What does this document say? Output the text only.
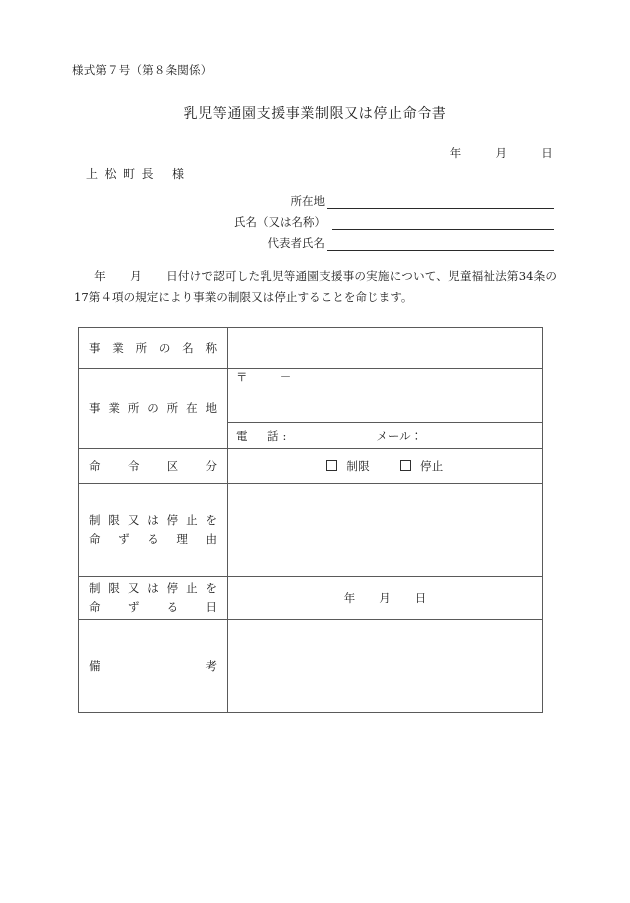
様式第７号（第８条関係）
乳児等通園支援事業制限又は停止命令書
年	月	日
上松町長 様
所在地
氏名（又は名称）
代表者氏名
年 月 日付けで認可した乳児等通園支援事の実施について、児童福祉法第34条の17第４項の規定により事業の制限又は停止することを命じます。
事業所の名称	
事業所の所在地	〒 －
	電　話: メール：
命令区分	制限 停止

制限又は停止を
命ずる理由	

制限又は停止を
命ずる日	年 月 日

備考	
